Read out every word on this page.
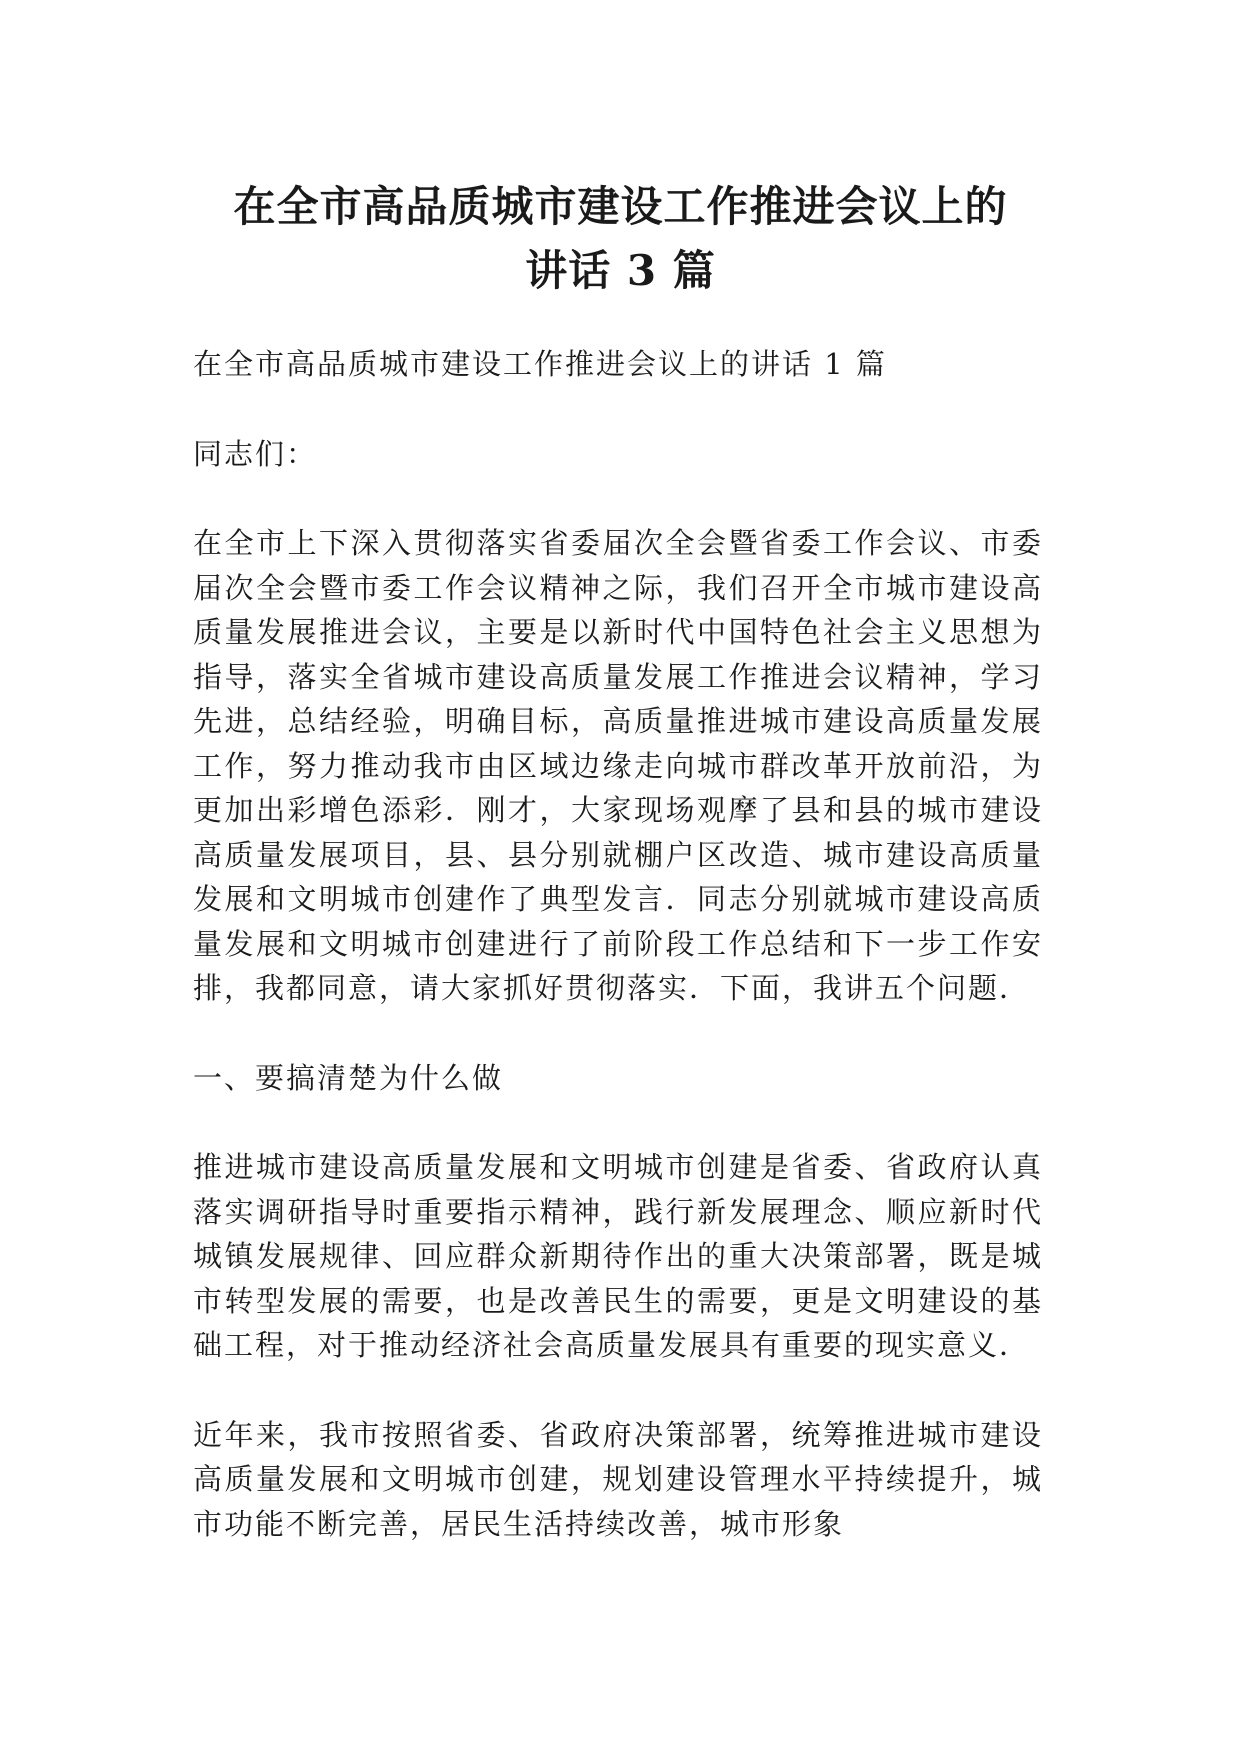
在全市高品质城市建设工作推进会议上的
讲话 3 篇

在全市高品质城市建设工作推进会议上的讲话 1 篇

同志们：

在全市上下深入贯彻落实省委届次全会暨省委工作会议、市委届次全会暨市委工作会议精神之际，我们召开全市城市建设高质量发展推进会议，主要是以新时代中国特色社会主义思想为指导，落实全省城市建设高质量发展工作推进会议精神，学习先进，总结经验，明确目标，高质量推进城市建设高质量发展工作，努力推动我市由区域边缘走向城市群改革开放前沿，为更加出彩增色添彩．刚才，大家现场观摩了县和县的城市建设高质量发展项目，县、县分别就棚户区改造、城市建设高质量发展和文明城市创建作了典型发言．同志分别就城市建设高质量发展和文明城市创建进行了前阶段工作总结和下一步工作安排，我都同意，请大家抓好贯彻落实．下面，我讲五个问题．

一、要搞清楚为什么做

推进城市建设高质量发展和文明城市创建是省委、省政府认真落实调研指导时重要指示精神，践行新发展理念、顺应新时代城镇发展规律、回应群众新期待作出的重大决策部署，既是城市转型发展的需要，也是改善民生的需要，更是文明建设的基础工程，对于推动经济社会高质量发展具有重要的现实意义．

近年来，我市按照省委、省政府决策部署，统筹推进城市建设高质量发展和文明城市创建，规划建设管理水平持续提升，城市功能不断完善，居民生活持续改善，城市形象
